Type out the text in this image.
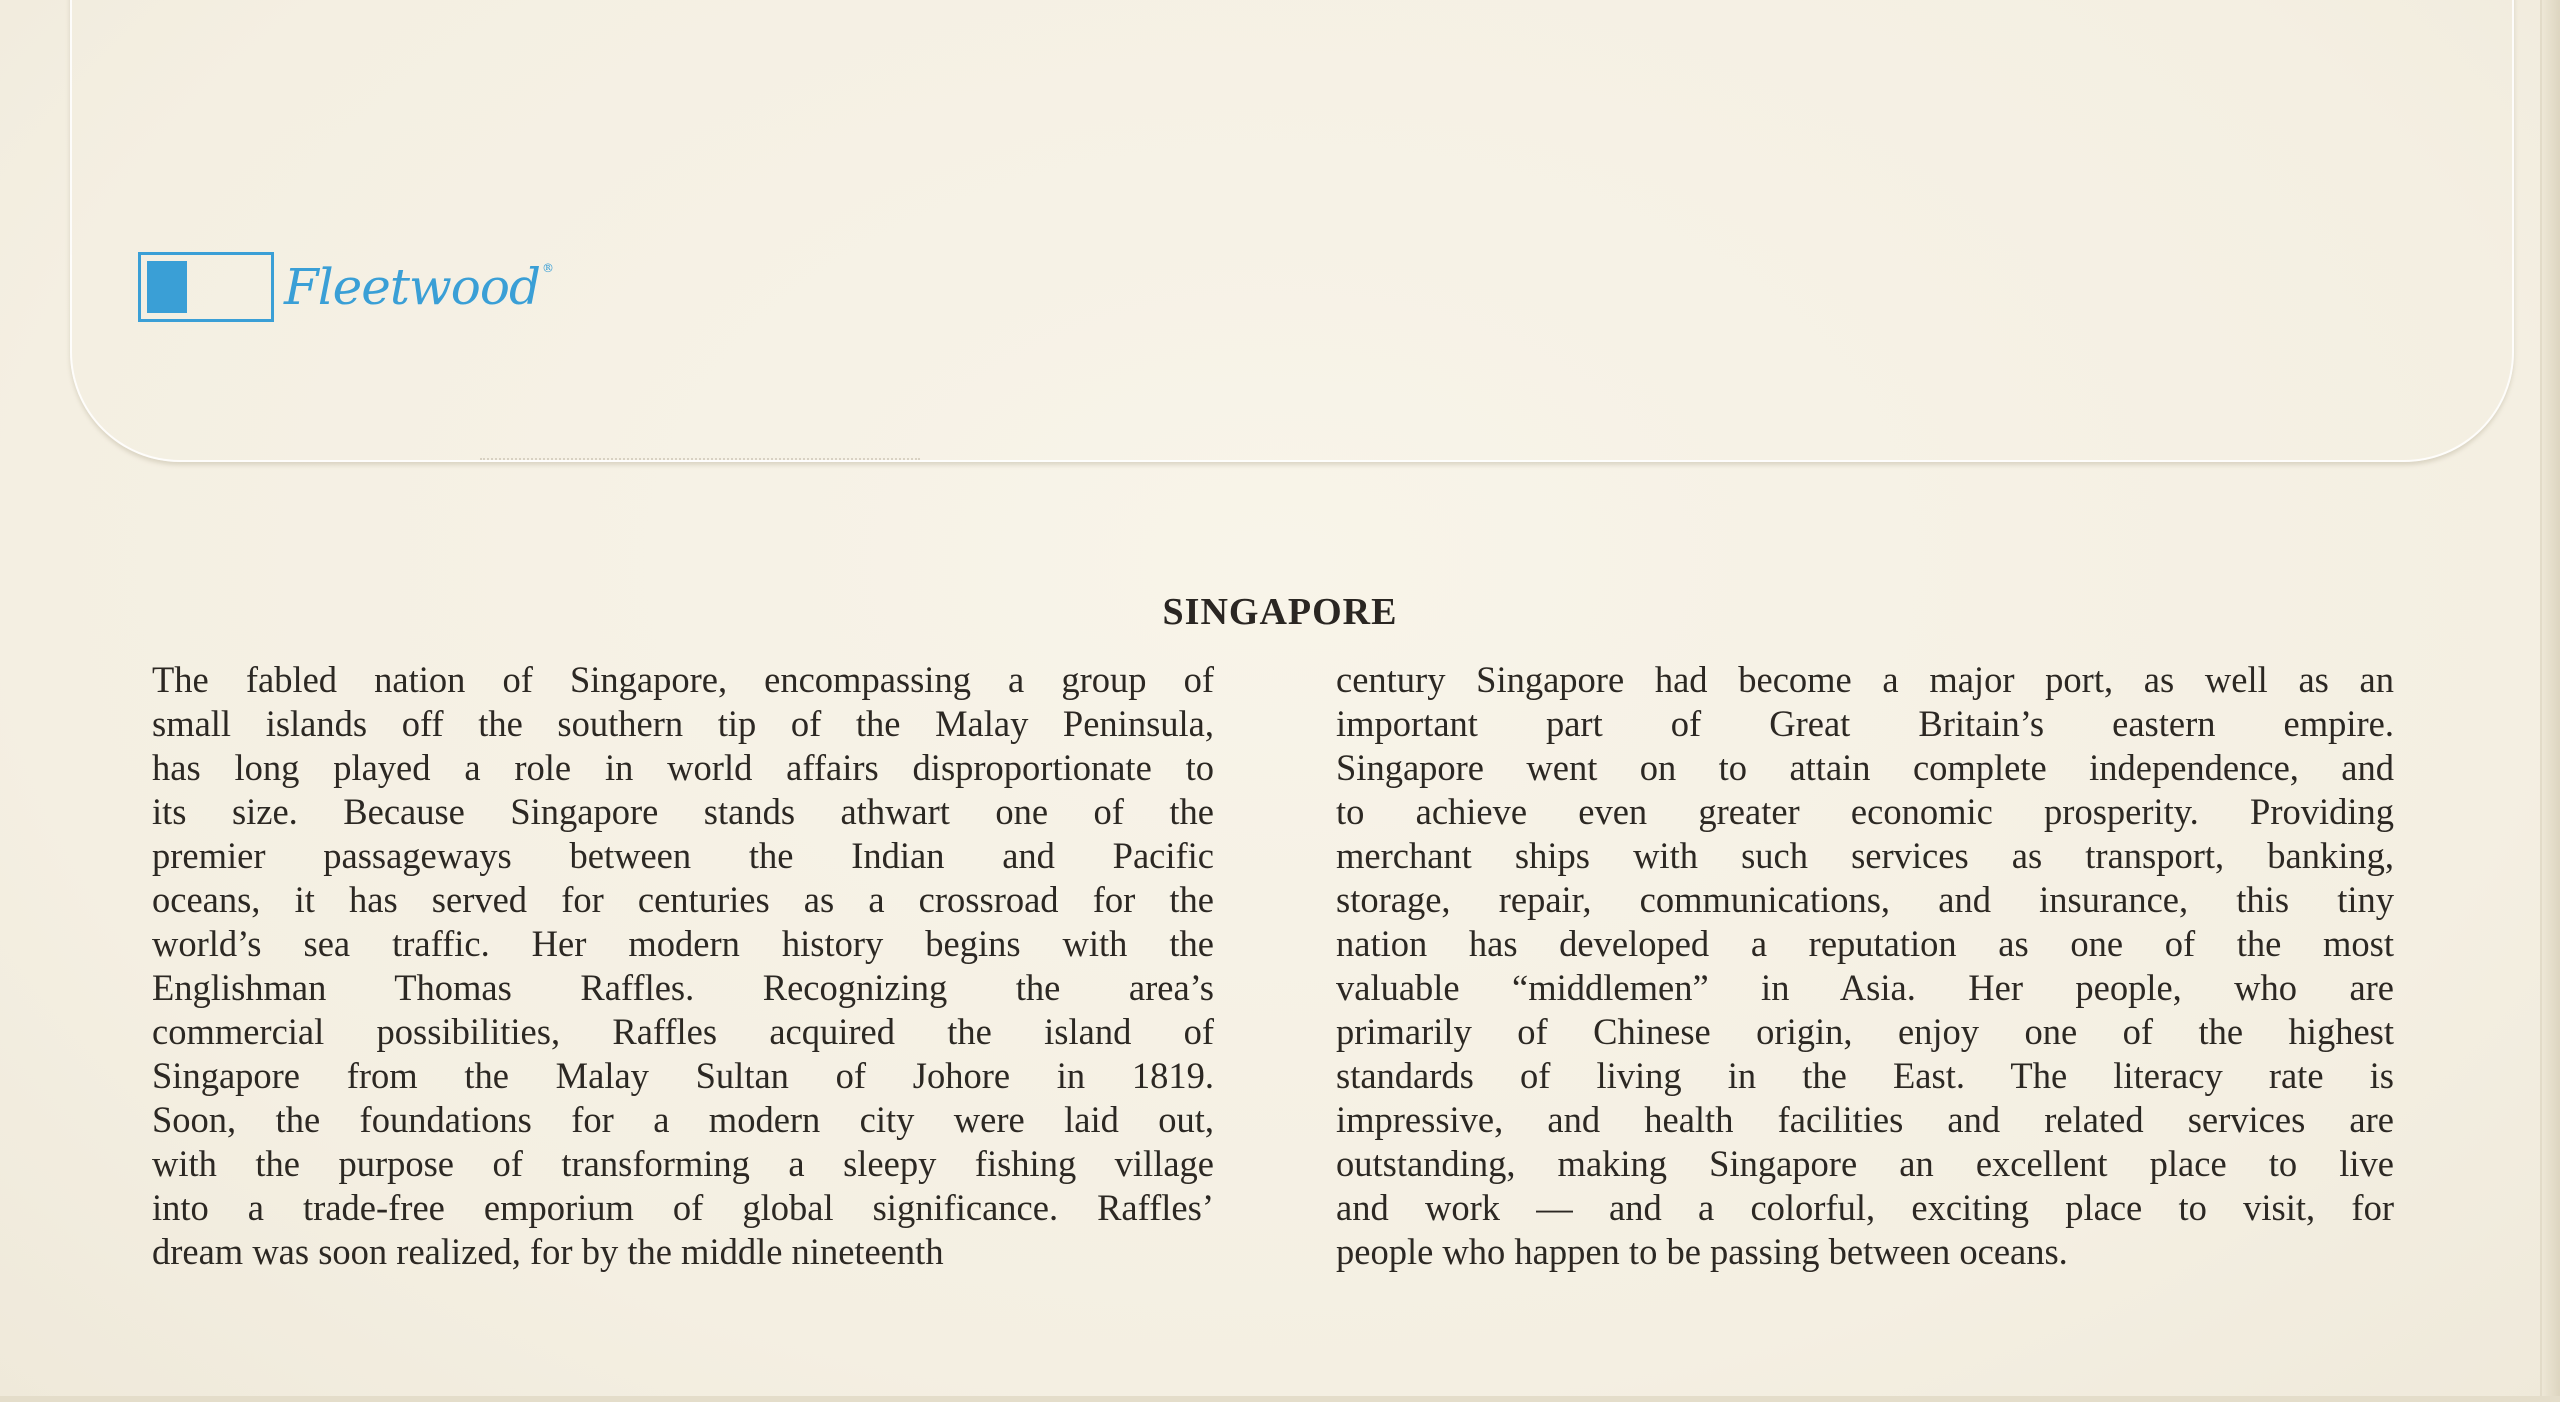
Fleetwood ®
SINGAPORE
The fabled nation of Singapore, encompassing a group of
small islands off the southern tip of the Malay Peninsula,
has long played a role in world affairs disproportionate to
its size. Because Singapore stands athwart one of the
premier passageways between the Indian and Pacific
oceans, it has served for centuries as a crossroad for the
world’s sea traffic. Her modern history begins with the
Englishman Thomas Raffles. Recognizing the area’s
commercial possibilities, Raffles acquired the island of
Singapore from the Malay Sultan of Johore in 1819.
Soon, the foundations for a modern city were laid out,
with the purpose of transforming a sleepy fishing village
into a trade-free emporium of global significance. Raffles’
dream was soon realized, for by the middle nineteenth
century Singapore had become a major port, as well as an
important part of Great Britain’s eastern empire.
Singapore went on to attain complete independence, and
to achieve even greater economic prosperity. Providing
merchant ships with such services as transport, banking,
storage, repair, communications, and insurance, this tiny
nation has developed a reputation as one of the most
valuable “middlemen” in Asia. Her people, who are
primarily of Chinese origin, enjoy one of the highest
standards of living in the East. The literacy rate is
impressive, and health facilities and related services are
outstanding, making Singapore an excellent place to live
and work — and a colorful, exciting place to visit, for
people who happen to be passing between oceans.
